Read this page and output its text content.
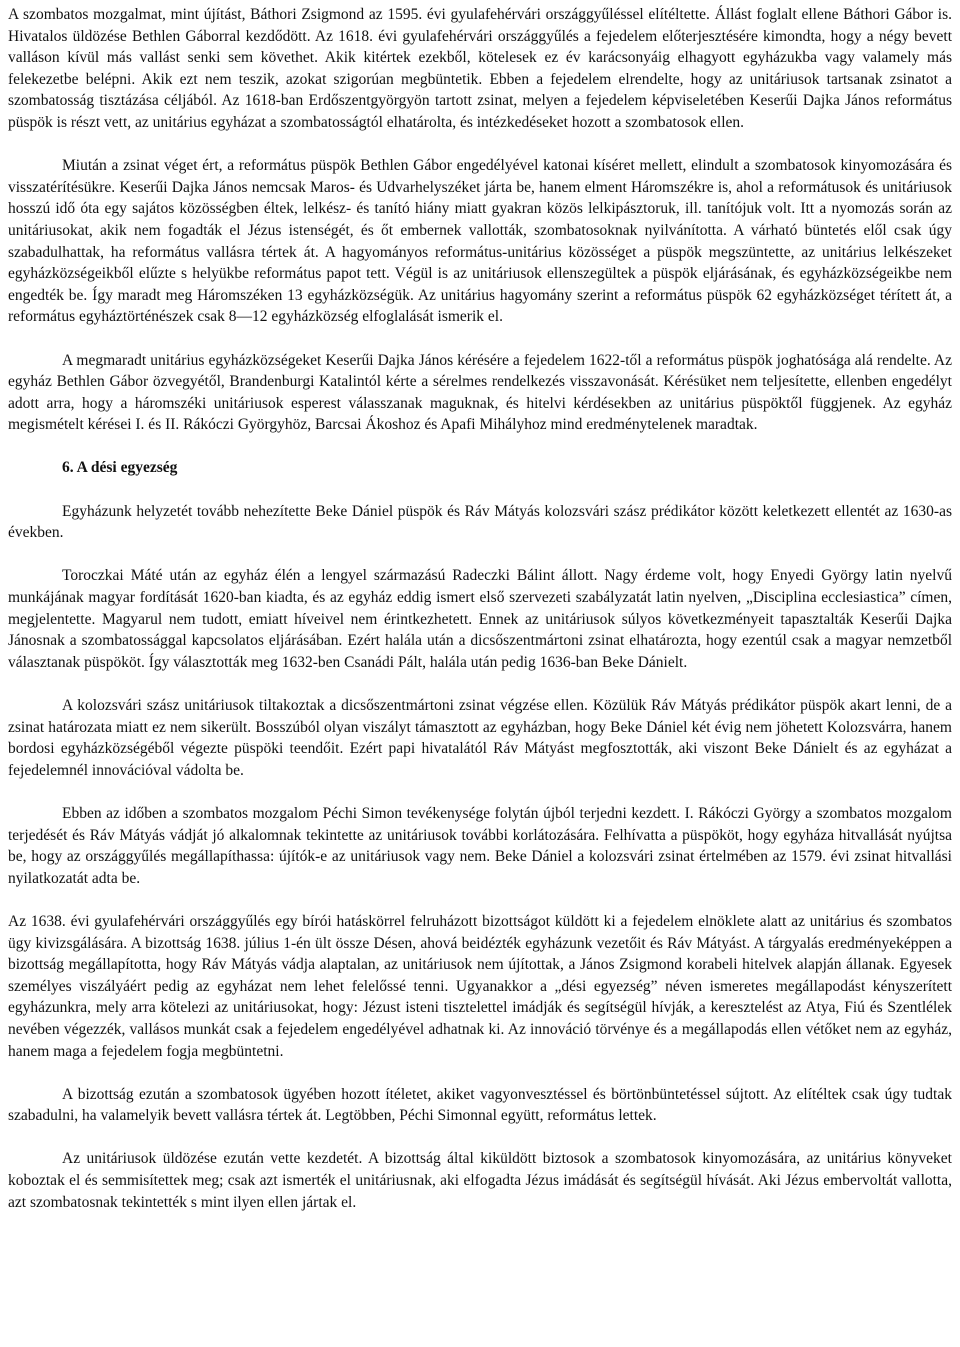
A szombatos mozgalmat, mint újítást, Báthori Zsigmond az 1595. évi gyulafehérvári országgyűléssel elítéltette. Állást foglalt ellene Báthori Gábor is. Hivatalos üldözése Bethlen Gáborral kezdődött. Az 1618. évi gyulafehérvári országgyűlés a fejedelem előterjesztésére kimondta, hogy a négy bevett valláson kívül más vallást senki sem követhet. Akik kitértek ezekből, kötelesek ez év karácsonyáig elhagyott egyházukba vagy valamely más felekezetbe belépni. Akik ezt nem teszik, azokat szigorúan megbüntetik. Ebben a fejedelem elrendelte, hogy az unitáriusok tartsanak zsinatot a szombatosság tisztázása céljából. Az 1618-ban Erdőszentgyörgyön tartott zsinat, melyen a fejedelem képviseletében Keserűi Dajka János református püspök is részt vett, az unitárius egyházat a szombatosságtól elhatárolta, és intézkedéseket hozott a szombatosok ellen.

Miután a zsinat véget ért, a református püspök Bethlen Gábor engedélyével katonai kíséret mellett, elindult a szombatosok kinyomozására és visszatérítésükre. Keserűi Dajka János nemcsak Maros- és Udvarhelyszéket járta be, hanem elment Háromszékre is, ahol a reformátusok és unitáriusok hosszú idő óta egy sajátos közösségben éltek, lelkész- és tanító hiány miatt gyakran közös lelkipásztoruk, ill. tanítójuk volt. Itt a nyomozás során az unitáriusokat, akik nem fogadták el Jézus istenségét, és őt embernek vallották, szombatosoknak nyilvánította. A várható büntetés elől csak úgy szabadulhattak, ha református vallásra tértek át. A hagyományos református-unitárius közösséget a püspök megszüntette, az unitárius lelkészeket egyházközségeikből elűzte s helyükbe református papot tett. Végül is az unitáriusok ellenszegültek a püspök eljárásának, és egyházközségeikbe nem engedték be. Így maradt meg Háromszéken 13 egyházközségük. Az unitárius hagyomány szerint a református püspök 62 egyházközséget térített át, a református egyháztörténészek csak 8—12 egyházközség elfoglalását ismerik el.

A megmaradt unitárius egyházközségeket Keserűi Dajka János kérésére a fejedelem 1622-től a református püspök joghatósága alá rendelte. Az egyház Bethlen Gábor özvegyétől, Brandenburgi Katalintól kérte a sérelmes rendelkezés visszavonását. Kérésüket nem teljesítette, ellenben engedélyt adott arra, hogy a háromszéki unitáriusok esperest válasszanak maguknak, és hitelvi kérdésekben az unitárius püspöktől függjenek. Az egyház megismételt kérései I. és II. Rákóczi Györgyhöz, Barcsai Ákoshoz és Apafi Mihályhoz mind eredménytelenek maradtak.

6. A dési egyezség

Egyházunk helyzetét tovább nehezítette Beke Dániel püspök és Ráv Mátyás kolozsvári szász prédikátor között keletkezett ellentét az 1630-as években.

Toroczkai Máté után az egyház élén a lengyel származású Radeczki Bálint állott. Nagy érdeme volt, hogy Enyedi György latin nyelvű munkájának magyar fordítását 1620-ban kiadta, és az egyház eddig ismert első szervezeti szabályzatát latin nyelven, „Disciplina ecclesiastica” címen, megjelentette. Magyarul nem tudott, emiatt híveivel nem érintkezhetett. Ennek az unitáriusok súlyos következményeit tapasztalták Keserűi Dajka Jánosnak a szombatossággal kapcsolatos eljárásában. Ezért halála után a dicsőszentmártoni zsinat elhatározta, hogy ezentúl csak a magyar nemzetből választanak püspököt. Így választották meg 1632-ben Csanádi Pált, halála után pedig 1636-ban Beke Dánielt.

A kolozsvári szász unitáriusok tiltakoztak a dicsőszentmártoni zsinat végzése ellen. Közülük Ráv Mátyás prédikátor püspök akart lenni, de a zsinat határozata miatt ez nem sikerült. Bosszúból olyan viszályt támasztott az egyházban, hogy Beke Dániel két évig nem jöhetett Kolozsvárra, hanem bordosi egyházközségéből végezte püspöki teendőit. Ezért papi hivatalától Ráv Mátyást megfosztották, aki viszont Beke Dánielt és az egyházat a fejedelemnél innovációval vádolta be.

Ebben az időben a szombatos mozgalom Péchi Simon tevékenysége folytán újból terjedni kezdett. I. Rákóczi György a szombatos mozgalom terjedését és Ráv Mátyás vádját jó alkalomnak tekintette az unitáriusok további korlátozására. Felhívatta a püspököt, hogy egyháza hitvallását nyújtsa be, hogy az országgyűlés megállapíthassa: újítók-e az unitáriusok vagy nem. Beke Dániel a kolozsvári zsinat értelmében az 1579. évi zsinat hitvallási nyilatkozatát adta be.

Az 1638. évi gyulafehérvári országgyűlés egy bírói hatáskörrel felruházott bizottságot küldött ki a fejedelem elnöklete alatt az unitárius és szombatos ügy kivizsgálására. A bizottság 1638. július 1-én ült össze Désen, ahová beidézték egyházunk vezetőit és Ráv Mátyást. A tárgyalás eredményeképpen a bizottság megállapította, hogy Ráv Mátyás vádja alaptalan, az unitáriusok nem újítottak, a János Zsigmond korabeli hitelvek alapján állanak. Egyesek személyes viszályáért pedig az egyházat nem lehet felelőssé tenni. Ugyanakkor a „dési egyezség” néven ismeretes megállapodást kényszerített egyházunkra, mely arra kötelezi az unitáriusokat, hogy: Jézust isteni tisztelettel imádják és segítségül hívják, a keresztelést az Atya, Fiú és Szentlélek nevében végezzék, vallásos munkát csak a fejedelem engedélyével adhatnak ki. Az innováció törvénye és a megállapodás ellen vétőket nem az egyház, hanem maga a fejedelem fogja megbüntetni.

A bizottság ezután a szombatosok ügyében hozott ítéletet, akiket vagyonvesztéssel és börtönbüntetéssel sújtott. Az elítéltek csak úgy tudtak szabadulni, ha valamelyik bevett vallásra tértek át. Legtöbben, Péchi Simonnal együtt, református lettek.

Az unitáriusok üldözése ezután vette kezdetét. A bizottság által kiküldött biztosok a szombatosok kinyomozására, az unitárius könyveket koboztak el és semmisítettek meg; csak azt ismerték el unitáriusnak, aki elfogadta Jézus imádását és segítségül hívását. Aki Jézus embervoltát vallotta, azt szombatosnak tekintették s mint ilyen ellen jártak el.
